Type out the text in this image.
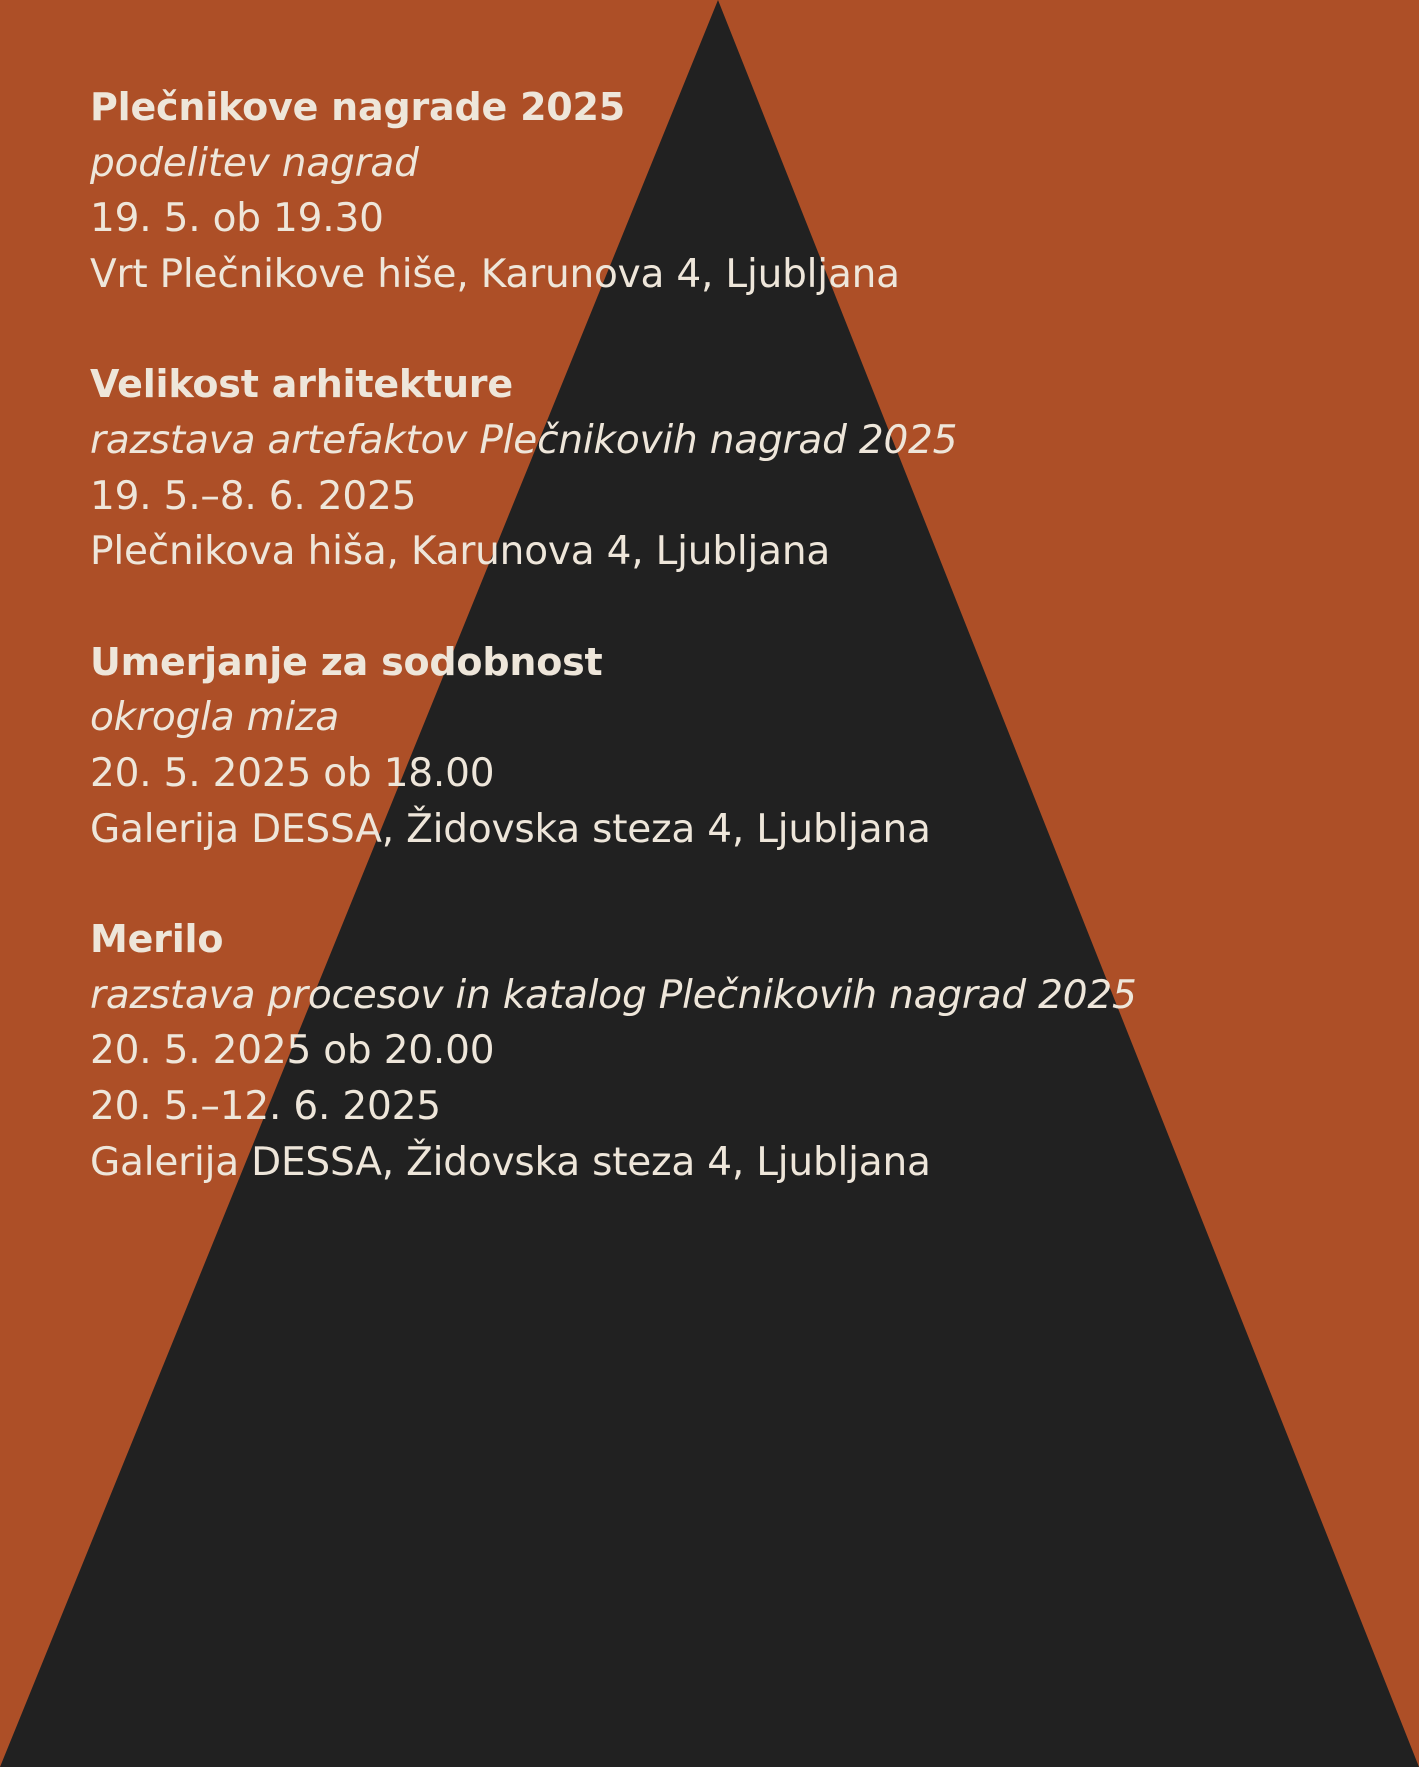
Plečnikove nagrade 2025
podelitev nagrad
19. 5. ob 19.30
Vrt Plečnikove hiše, Karunova 4, Ljubljana
Velikost arhitekture
razstava artefaktov Plečnikovih nagrad 2025
19. 5.–8. 6. 2025
Plečnikova hiša, Karunova 4, Ljubljana
Umerjanje za sodobnost
okrogla miza
20. 5. 2025 ob 18.00
Galerija DESSA, Židovska steza 4, Ljubljana
Merilo
razstava procesov in katalog Plečnikovih nagrad 2025
20. 5. 2025 ob 20.00
20. 5.–12. 6. 2025
Galerija DESSA, Židovska steza 4, Ljubljana
